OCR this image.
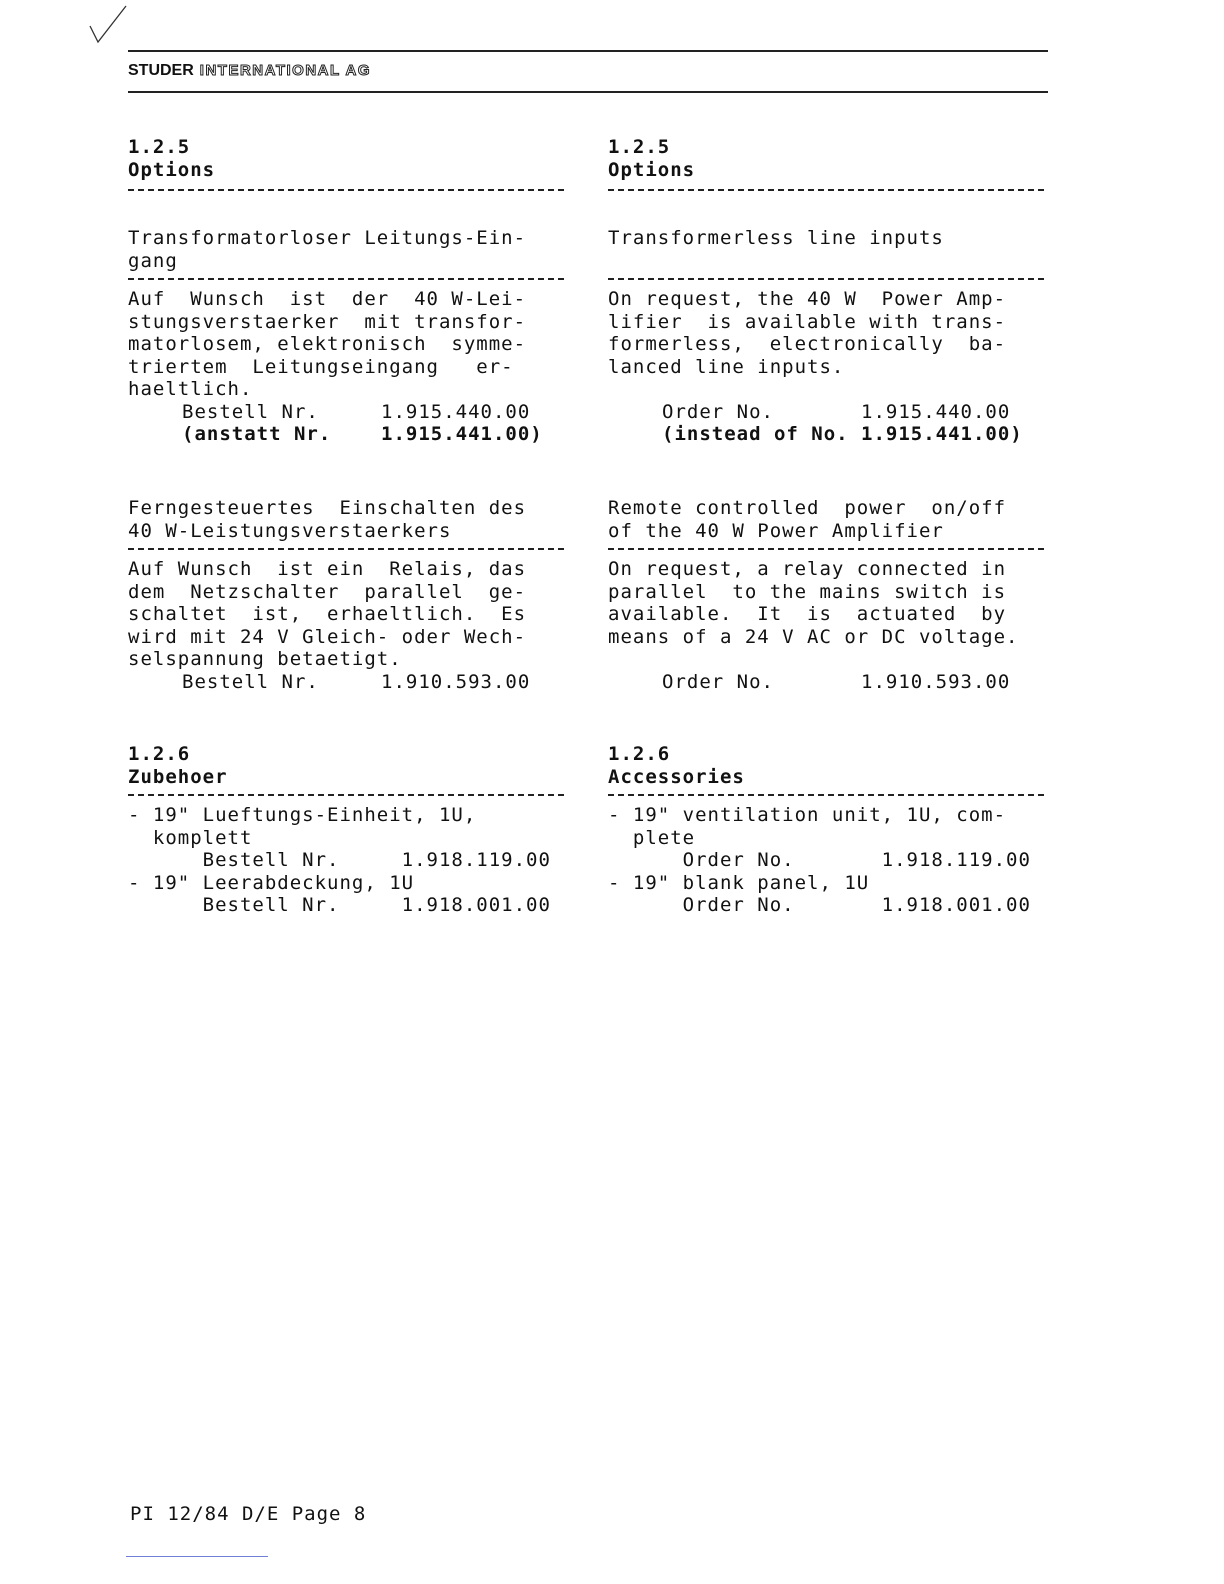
STUDER INTERNATIONAL AG
1.2.5
Options
Transformatorloser Leitungs-Ein-
gang
Auf  Wunsch  ist  der  40 W-Lei-
stungsverstaerker  mit transfor-
matorlosem, elektronisch  symme-
triertem  Leitungseingang   er-
haeltlich.
Bestell Nr.     1.915.440.00
(anstatt Nr.    1.915.441.00)
Ferngesteuertes  Einschalten des
40 W-Leistungsverstaerkers
Auf Wunsch  ist ein  Relais, das
dem  Netzschalter  parallel  ge-
schaltet  ist,  erhaeltlich.  Es
wird mit 24 V Gleich- oder Wech-
selspannung betaetigt.
Bestell Nr.     1.910.593.00
1.2.6
Zubehoer
- 19" Lueftungs-Einheit, 1U,
komplett
Bestell Nr.     1.918.119.00
- 19" Leerabdeckung, 1U
Bestell Nr.     1.918.001.00
1.2.5
Options
Transformerless line inputs

On request, the 40 W  Power Amp-
lifier  is available with trans-
formerless,  electronically  ba-
lanced line inputs.

Order No.       1.915.440.00
(instead of No. 1.915.441.00)
Remote controlled  power  on/off
of the 40 W Power Amplifier
On request, a relay connected in
parallel  to the mains switch is
available.  It  is  actuated  by
means of a 24 V AC or DC voltage.

Order No.       1.910.593.00
1.2.6
Accessories
- 19" ventilation unit, 1U, com-
plete
Order No.       1.918.119.00
- 19" blank panel, 1U
Order No.       1.918.001.00
PI 12/84 D/E Page 8
